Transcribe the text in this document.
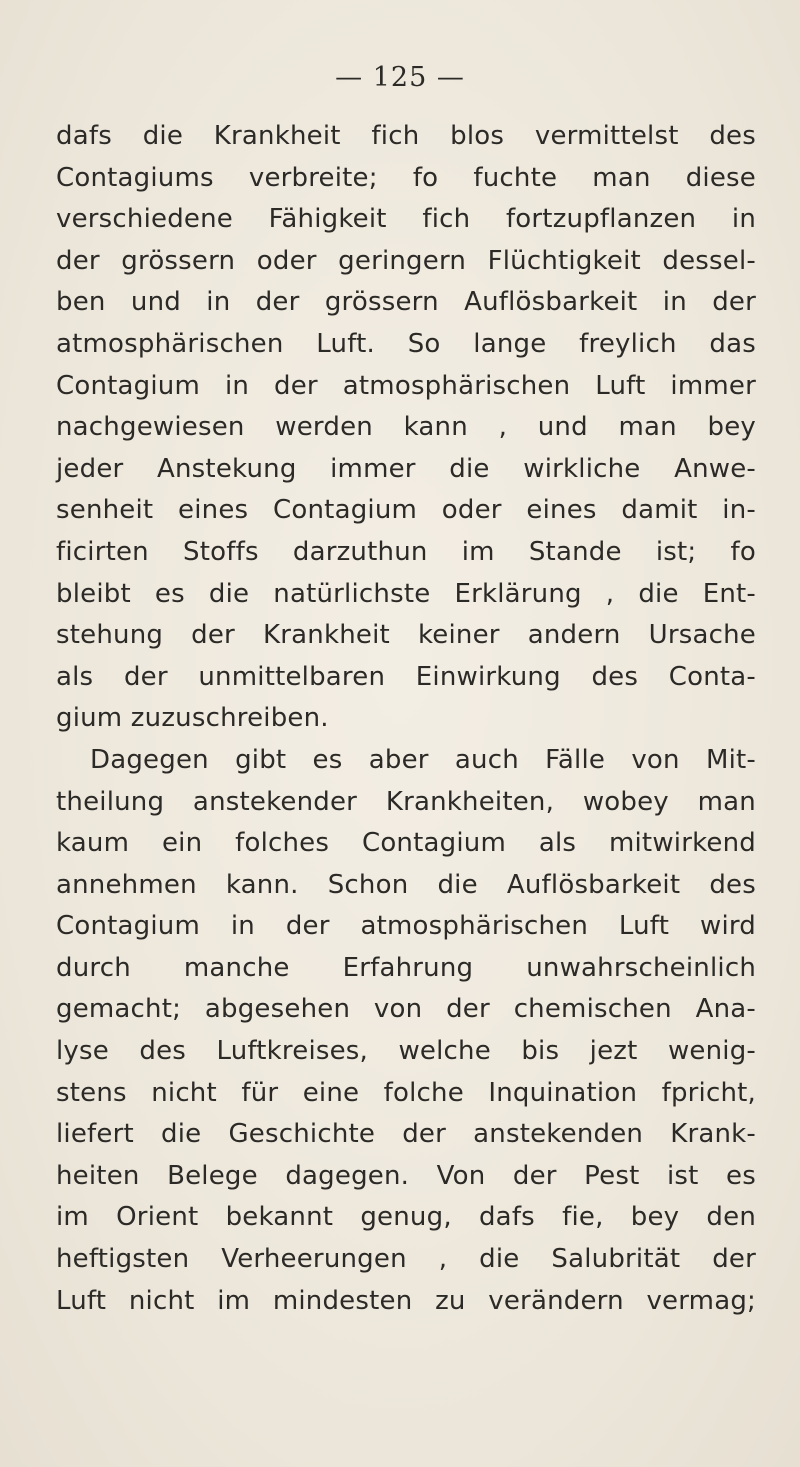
— 125 —
dafs die Krankheit fich blos vermittelst des
Contagiums verbreite; fo fuchte man diese
verschiedene Fähigkeit fich fortzupflanzen in
der grössern oder geringern Flüchtigkeit dessel-
ben und in der grössern Auflösbarkeit in der
atmosphärischen Luft. So lange freylich das
Contagium in der atmosphärischen Luft immer
nachgewiesen werden kann , und man bey
jeder Anstekung immer die wirkliche Anwe-
senheit eines Contagium oder eines damit in-
ficirten Stoffs darzuthun im Stande ist; fo
bleibt es die natürlichste Erklärung , die Ent-
stehung der Krankheit keiner andern Ursache
als der unmittelbaren Einwirkung des Conta-
gium zuzuschreiben.
Dagegen gibt es aber auch Fälle von Mit-
theilung anstekender Krankheiten, wobey man
kaum ein folches Contagium als mitwirkend
annehmen kann. Schon die Auflösbarkeit des
Contagium in der atmosphärischen Luft wird
durch manche Erfahrung unwahrscheinlich
gemacht; abgesehen von der chemischen Ana-
lyse des Luftkreises, welche bis jezt wenig-
stens nicht für eine folche Inquination fpricht,
liefert die Geschichte der anstekenden Krank-
heiten Belege dagegen. Von der Pest ist es
im Orient bekannt genug, dafs fie, bey den
heftigsten Verheerungen , die Salubrität der
Luft nicht im mindesten zu verändern vermag;
